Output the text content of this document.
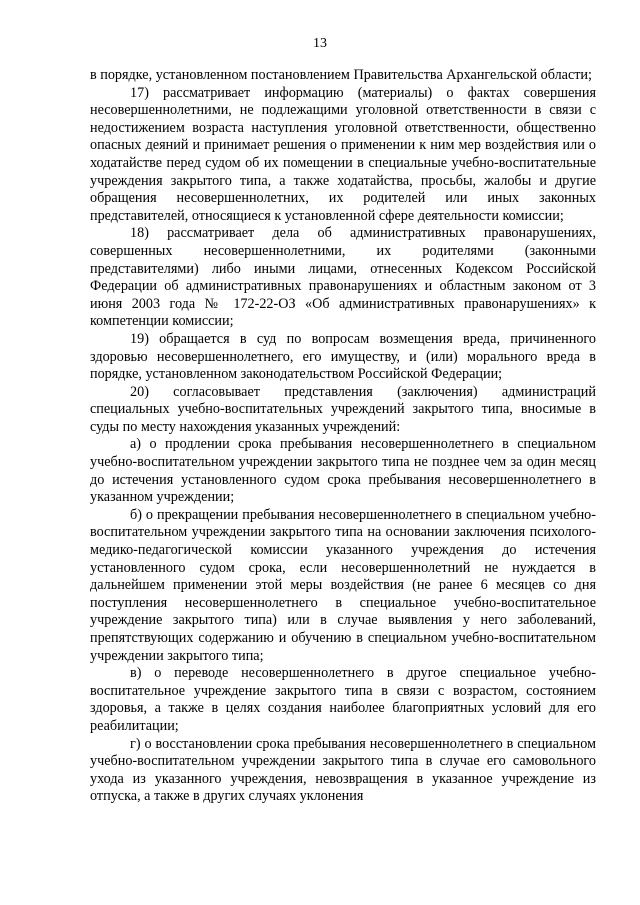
13

в порядке, установленном постановлением Правительства Архангельской области;

17) рассматривает информацию (материалы) о фактах совершения несовершеннолетними, не подлежащими уголовной ответственности в связи с недостижением возраста наступления уголовной ответственности, общественно опасных деяний и принимает решения о применении к ним мер воздействия или о ходатайстве перед судом об их помещении в специальные учебно-воспитательные учреждения закрытого типа, а также ходатайства, просьбы, жалобы и другие обращения несовершеннолетних, их родителей или иных законных представителей, относящиеся к установленной сфере деятельности комиссии;

18) рассматривает дела об административных правонарушениях, совершенных несовершеннолетними, их родителями (законными представителями) либо иными лицами, отнесенных Кодексом Российской Федерации об административных правонарушениях и областным законом от 3 июня 2003 года № 172-22-ОЗ «Об административных правонарушениях» к компетенции комиссии;

19) обращается в суд по вопросам возмещения вреда, причиненного здоровью несовершеннолетнего, его имуществу, и (или) морального вреда в порядке, установленном законодательством Российской Федерации;

20) согласовывает представления (заключения) администраций специальных учебно-воспитательных учреждений закрытого типа, вносимые в суды по месту нахождения указанных учреждений:

а) о продлении срока пребывания несовершеннолетнего в специальном учебно-воспитательном учреждении закрытого типа не позднее чем за один месяц до истечения установленного судом срока пребывания несовершеннолетнего в указанном учреждении;

б) о прекращении пребывания несовершеннолетнего в специальном учебно-воспитательном учреждении закрытого типа на основании заключения психолого-медико-педагогической комиссии указанного учреждения до истечения установленного судом срока, если несовершеннолетний не нуждается в дальнейшем применении этой меры воздействия (не ранее 6 месяцев со дня поступления несовершеннолетнего в специальное учебно-воспитательное учреждение закрытого типа) или в случае выявления у него заболеваний, препятствующих содержанию и обучению в специальном учебно-воспитательном учреждении закрытого типа;

в) о переводе несовершеннолетнего в другое специальное учебно-воспитательное учреждение закрытого типа в связи с возрастом, состоянием здоровья, а также в целях создания наиболее благоприятных условий для его реабилитации;

г) о восстановлении срока пребывания несовершеннолетнего в специальном учебно-воспитательном учреждении закрытого типа в случае его самовольного ухода из указанного учреждения, невозвращения в указанное учреждение из отпуска, а также в других случаях уклонения
